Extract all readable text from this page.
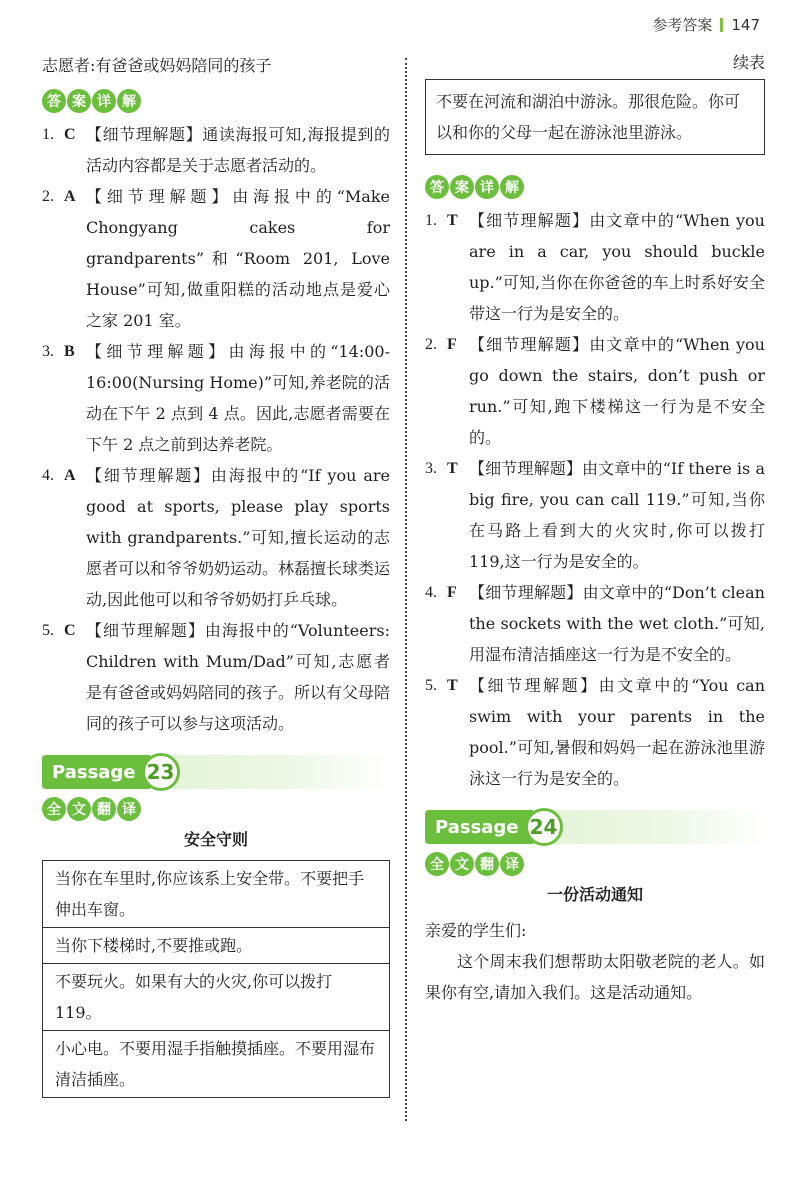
参考答案 147

志愿者:有爸爸或妈妈陪同的孩子

答 案 详 解
1. C 【细节理解题】通读海报可知,海报提到的活动内容都是关于志愿者活动的。
2. A 【细节理解题】由海报中的“Make Chongyang cakes for grandparents”和“Room 201, Love House”可知,做重阳糕的活动地点是爱心之家 201 室。
3. B 【细节理解题】由海报中的“14:00-16:00(Nursing Home)”可知,养老院的活动在下午 2 点到 4 点。因此,志愿者需要在下午 2 点之前到达养老院。
4. A 【细节理解题】由海报中的“If you are good at sports, please play sports with grandparents.”可知,擅长运动的志愿者可以和爷爷奶奶运动。林磊擅长球类运动,因此他可以和爷爷奶奶打乒乓球。
5. C 【细节理解题】由海报中的“Volunteers: Children with Mum/Dad”可知,志愿者是有爸爸或妈妈陪同的孩子。所以有父母陪同的孩子可以参与这项活动。
Passage 23
全 文 翻 译
安全守则
当你在车里时,你应该系上安全带。不要把手伸出车窗。
当你下楼梯时,不要推或跑。
不要玩火。如果有大的火灾,你可以拨打 119。
小心电。不要用湿手指触摸插座。不要用湿布清洁插座。
续表
不要在河流和湖泊中游泳。那很危险。你可以和你的父母一起在游泳池里游泳。
答 案 详 解
1. T 【细节理解题】由文章中的“When you are in a car, you should buckle up.”可知,当你在你爸爸的车上时系好安全带这一行为是安全的。
2. F 【细节理解题】由文章中的“When you go down the stairs, don’t push or run.”可知,跑下楼梯这一行为是不安全的。
3. T 【细节理解题】由文章中的“If there is a big fire, you can call 119.”可知,当你在马路上看到大的火灾时,你可以拨打 119,这一行为是安全的。
4. F 【细节理解题】由文章中的“Don’t clean the sockets with the wet cloth.”可知,用湿布清洁插座这一行为是不安全的。
5. T 【细节理解题】由文章中的“You can swim with your parents in the pool.”可知,暑假和妈妈一起在游泳池里游泳这一行为是安全的。
Passage 24
全 文 翻 译
一份活动通知

亲爱的学生们:

这个周末我们想帮助太阳敬老院的老人。如果你有空,请加入我们。这是活动通知。
